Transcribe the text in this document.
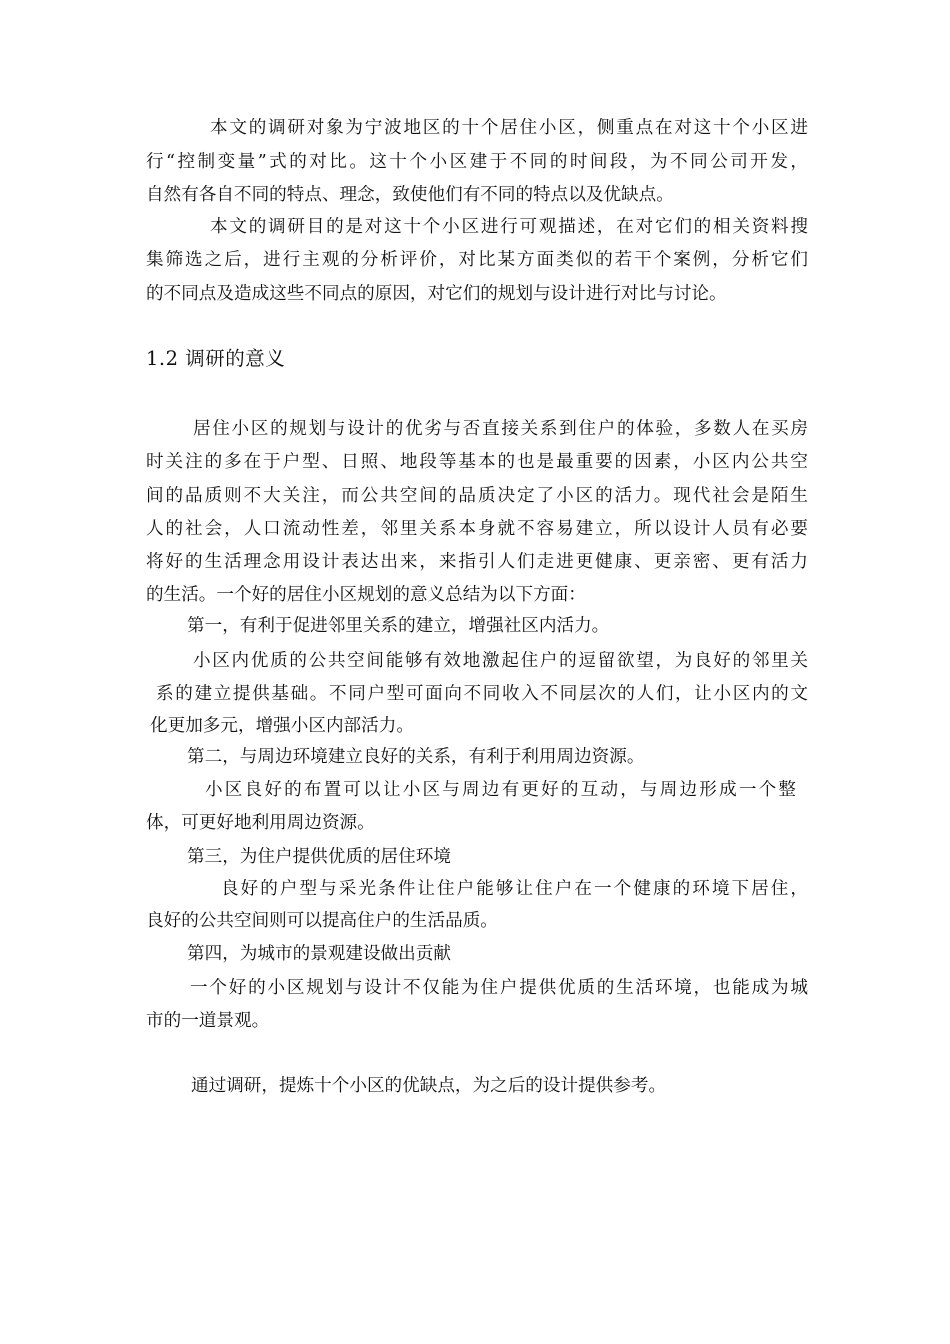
本文的调研对象为宁波地区的十个居住小区，侧重点在对这十个小区进
行“控制变量”式的对比。这十个小区建于不同的时间段，为不同公司开发，
自然有各自不同的特点、理念，致使他们有不同的特点以及优缺点。
本文的调研目的是对这十个小区进行可观描述，在对它们的相关资料搜
集筛选之后，进行主观的分析评价，对比某方面类似的若干个案例，分析它们
的不同点及造成这些不同点的原因，对它们的规划与设计进行对比与讨论。
1.2 调研的意义
居住小区的规划与设计的优劣与否直接关系到住户的体验，多数人在买房
时关注的多在于户型、日照、地段等基本的也是最重要的因素，小区内公共空
间的品质则不大关注，而公共空间的品质决定了小区的活力。现代社会是陌生
人的社会，人口流动性差，邻里关系本身就不容易建立，所以设计人员有必要
将好的生活理念用设计表达出来，来指引人们走进更健康、更亲密、更有活力
的生活。一个好的居住小区规划的意义总结为以下方面：
第一，有利于促进邻里关系的建立，增强社区内活力。
小区内优质的公共空间能够有效地激起住户的逗留欲望，为良好的邻里关
系的建立提供基础。不同户型可面向不同收入不同层次的人们，让小区内的文
化更加多元，增强小区内部活力。
第二，与周边环境建立良好的关系，有利于利用周边资源。
小区良好的布置可以让小区与周边有更好的互动，与周边形成一个整
体，可更好地利用周边资源。
第三，为住户提供优质的居住环境
良好的户型与采光条件让住户能够让住户在一个健康的环境下居住，
良好的公共空间则可以提高住户的生活品质。
第四，为城市的景观建设做出贡献
一个好的小区规划与设计不仅能为住户提供优质的生活环境，也能成为城
市的一道景观。
通过调研，提炼十个小区的优缺点，为之后的设计提供参考。
